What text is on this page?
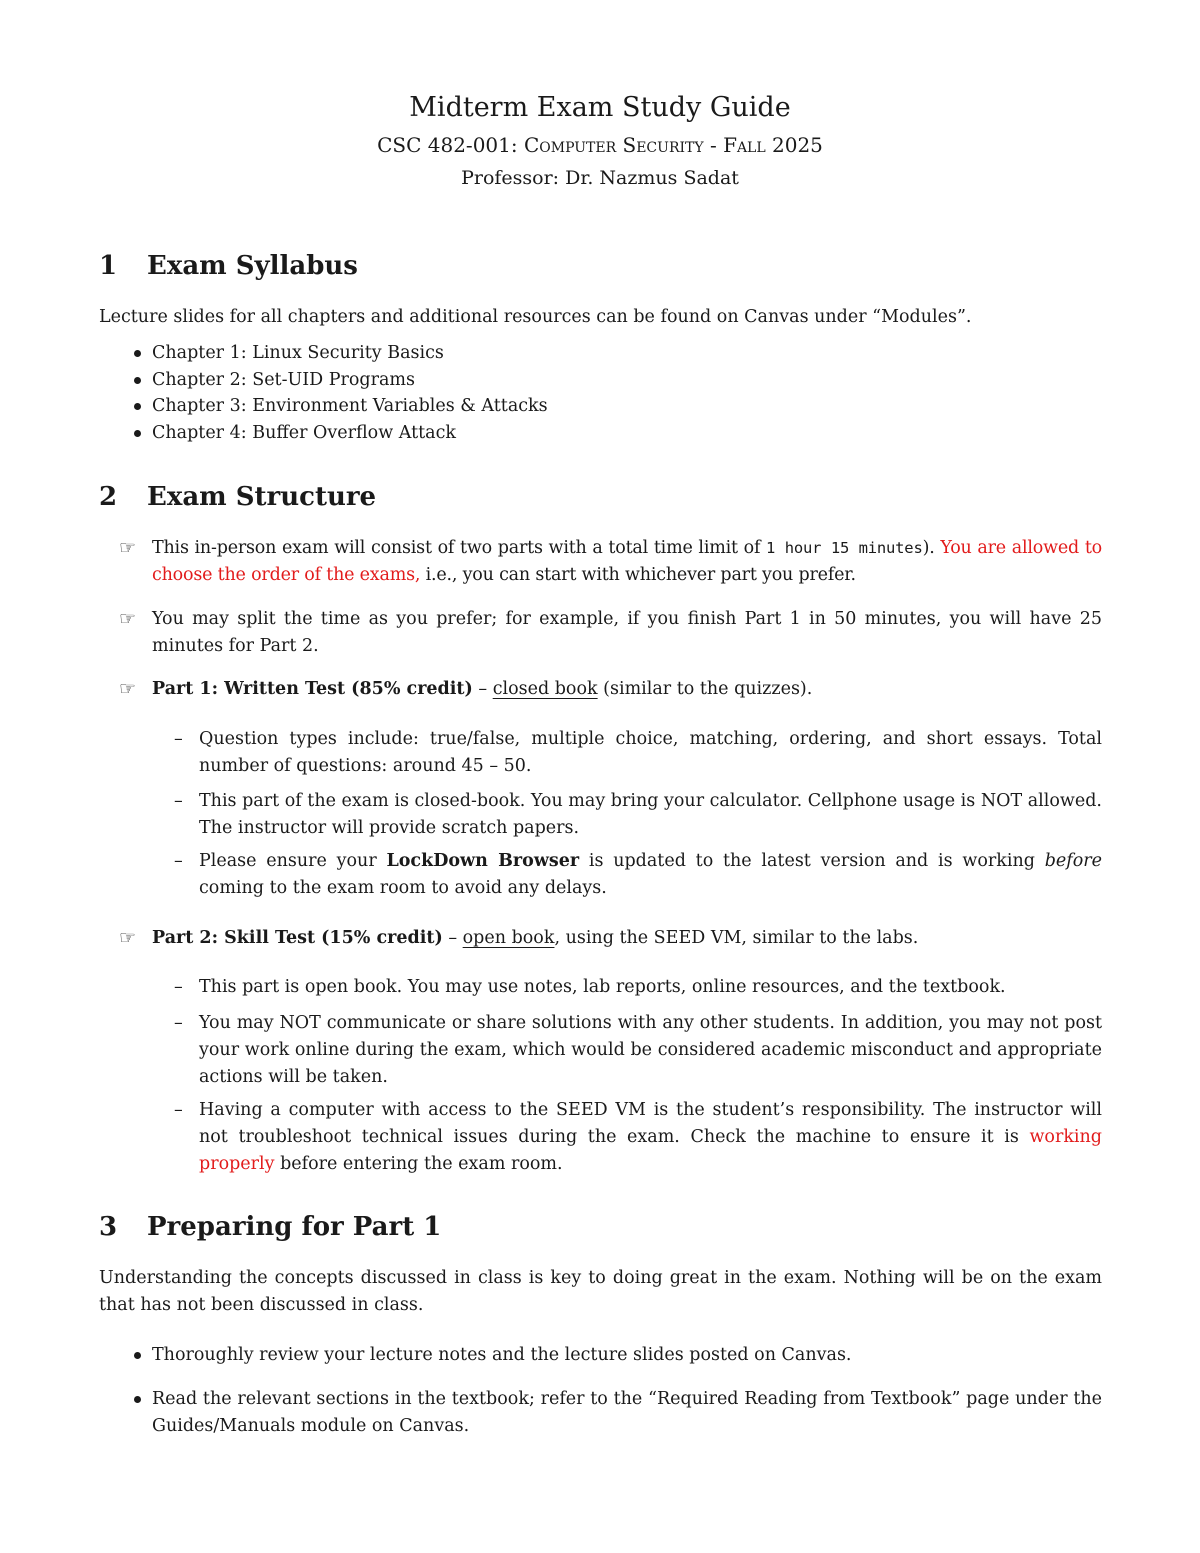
Midterm Exam Study Guide
CSC 482-001: Computer Security - Fall 2025
Professor: Dr. Nazmus Sadat
1 Exam Syllabus
Lecture slides for all chapters and additional resources can be found on Canvas under “Modules”.
Chapter 1: Linux Security Basics
Chapter 2: Set-UID Programs
Chapter 3: Environment Variables & Attacks
Chapter 4: Buffer Overflow Attack
2 Exam Structure
☞ This in-person exam will consist of two parts with a total time limit of 1 hour 15 minutes). You are allowed to choose the order of the exams, i.e., you can start with whichever part you prefer.
☞ You may split the time as you prefer; for example, if you finish Part 1 in 50 minutes, you will have 25 minutes for Part 2.
☞ Part 1: Written Test (85% credit) – closed book (similar to the quizzes).
– Question types include: true/false, multiple choice, matching, ordering, and short essays. Total number of questions: around 45 – 50.
– This part of the exam is closed-book. You may bring your calculator. Cellphone usage is NOT allowed. The instructor will provide scratch papers.
– Please ensure your LockDown Browser is updated to the latest version and is working before coming to the exam room to avoid any delays.
☞ Part 2: Skill Test (15% credit) – open book, using the SEED VM, similar to the labs.
– This part is open book. You may use notes, lab reports, online resources, and the textbook.
– You may NOT communicate or share solutions with any other students. In addition, you may not post your work online during the exam, which would be considered academic misconduct and appropriate actions will be taken.
– Having a computer with access to the SEED VM is the student’s responsibility. The instructor will not troubleshoot technical issues during the exam. Check the machine to ensure it is working properly before entering the exam room.
3 Preparing for Part 1
Understanding the concepts discussed in class is key to doing great in the exam. Nothing will be on the exam that has not been discussed in class.
Thoroughly review your lecture notes and the lecture slides posted on Canvas.
Read the relevant sections in the textbook; refer to the “Required Reading from Textbook” page under the Guides/Manuals module on Canvas.
